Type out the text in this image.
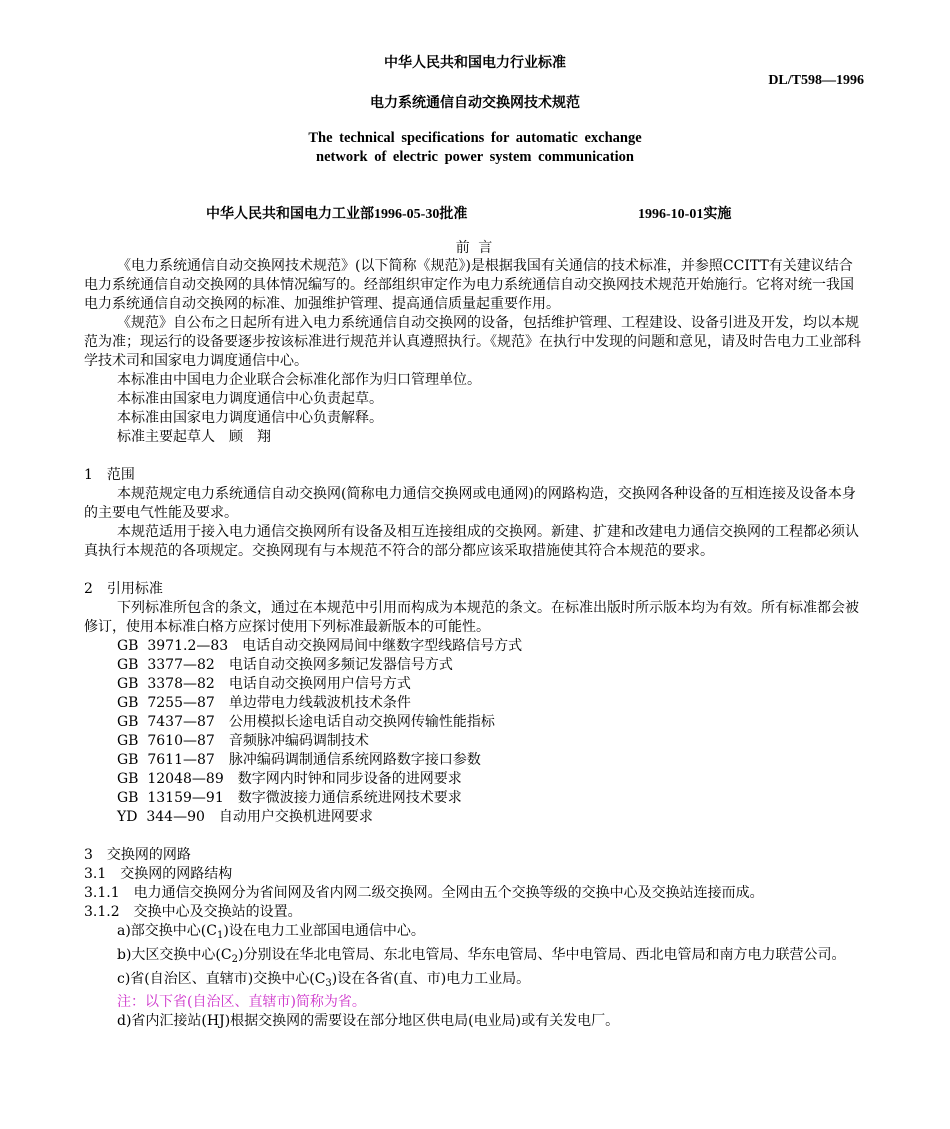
中华人民共和国电力行业标准
DL/T598—1996
电力系统通信自动交换网技术规范
The technical specifications for automatic exchange
network of electric power system communication
中华人民共和国电力工业部1996-05-30批准	1996-10-01实施
前 言

《电力系统通信自动交换网技术规范》(以下简称《规范》)是根据我国有关通信的技术标准，并参照CCITT有关建议结合电力系统通信自动交换网的具体情况编写的。经部组织审定作为电力系统通信自动交换网技术规范开始施行。它将对统一我国电力系统通信自动交换网的标准、加强维护管理、提高通信质量起重要作用。

《规范》自公布之日起所有进入电力系统通信自动交换网的设备，包括维护管理、工程建设、设备引进及开发，均以本规范为准；现运行的设备要逐步按该标准进行规范并认真遵照执行。《规范》在执行中发现的问题和意见，请及时告电力工业部科学技术司和国家电力调度通信中心。

本标准由中国电力企业联合会标准化部作为归口管理单位。

本标准由国家电力调度通信中心负责起草。

本标准由国家电力调度通信中心负责解释。

标准主要起草人　顾　翔

1　范围

本规范规定电力系统通信自动交换网(简称电力通信交换网或电通网)的网路构造，交换网各种设备的互相连接及设备本身的主要电气性能及要求。

本规范适用于接入电力通信交换网所有设备及相互连接组成的交换网。新建、扩建和改建电力通信交换网的工程都必须认真执行本规范的各项规定。交换网现有与本规范不符合的部分都应该采取措施使其符合本规范的要求。

2　引用标准

下列标准所包含的条文，通过在本规范中引用而构成为本规范的条文。在标准出版时所示版本均为有效。所有标准都会被修订，使用本标准白格方应探讨使用下列标准最新版本的可能性。

GB  3971.2—83　电话自动交换网局间中继数字型线路信号方式

GB  3377—82　电话自动交换网多频记发器信号方式

GB  3378—82　电话自动交换网用户信号方式

GB  7255—87　单边带电力线载波机技术条件

GB  7437—87　公用模拟长途电话自动交换网传输性能指标

GB  7610—87　音频脉冲编码调制技术

GB  7611—87　脉冲编码调制通信系统网路数字接口参数

GB  12048—89　数字网内时钟和同步设备的进网要求

GB  13159—91　数字微波接力通信系统进网技术要求

YD  344—90　自动用户交换机进网要求

3　交换网的网路

3.1　交换网的网路结构

3.1.1　电力通信交换网分为省间网及省内网二级交换网。全网由五个交换等级的交换中心及交换站连接而成。

3.1.2　交换中心及交换站的设置。

a)部交换中心$(C_1)$设在电力工业部国电通信中心。

b)大区交换中心$(C_2)$分别设在华北电管局、东北电管局、华东电管局、华中电管局、西北电管局和南方电力联营公司。

c)省(自治区、直辖市)交换中心$(C_3)$设在各省(直、市)电力工业局。

注：以下省(自治区、直辖市)简称为省。

d)省内汇接站(HJ)根据交换网的需要设在部分地区供电局(电业局)或有关发电厂。
